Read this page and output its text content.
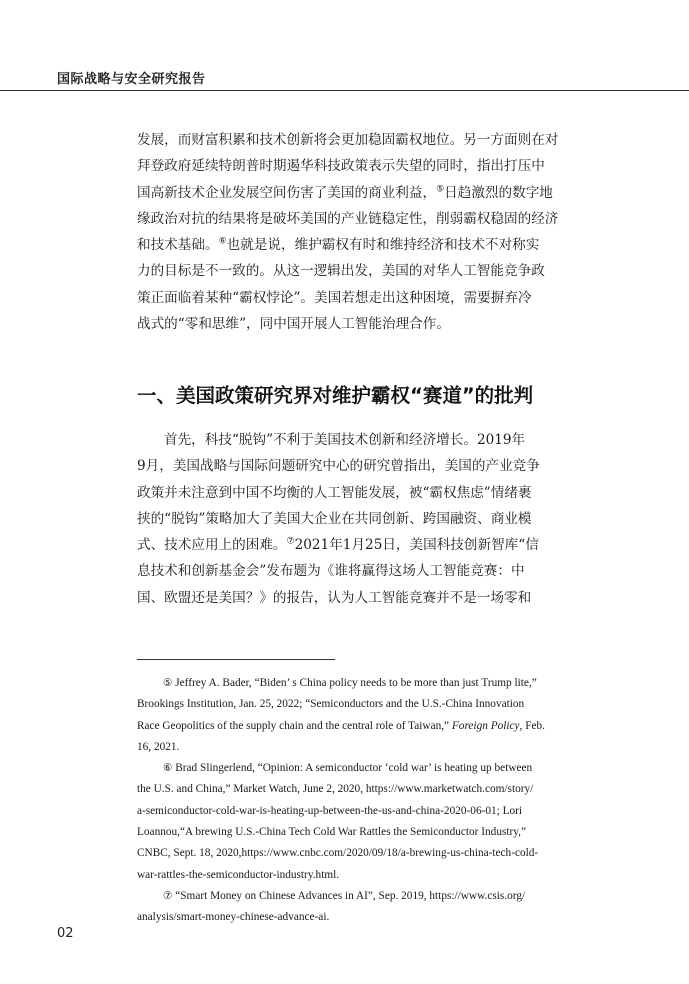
国际战略与安全研究报告
发展，而财富积累和技术创新将会更加稳固霸权地位。另一方面则在对
拜登政府延续特朗普时期遏华科技政策表示失望的同时，指出打压中
国高新技术企业发展空间伤害了美国的商业利益，⑤日趋激烈的数字地
缘政治对抗的结果将是破坏美国的产业链稳定性，削弱霸权稳固的经济
和技术基础。⑥也就是说，维护霸权有时和维持经济和技术不对称实
力的目标是不一致的。从这一逻辑出发，美国的对华人工智能竞争政
策正面临着某种“霸权悖论”。美国若想走出这种困境，需要摒弃冷
战式的“零和思维”，同中国开展人工智能治理合作。
一、美国政策研究界对维护霸权“赛道”的批判
首先，科技“脱钩”不利于美国技术创新和经济增长。2019年
9月，美国战略与国际问题研究中心的研究曾指出，美国的产业竞争
政策并未注意到中国不均衡的人工智能发展，被“霸权焦虑”情绪裹
挟的“脱钩”策略加大了美国大企业在共同创新、跨国融资、商业模
式、技术应用上的困难。⑦2021年1月25日，美国科技创新智库“信
息技术和创新基金会”发布题为《谁将赢得这场人工智能竞赛：中
国、欧盟还是美国？》的报告，认为人工智能竞赛并不是一场零和
⑤ Jeffrey A. Bader, “Biden’ s China policy needs to be more than just Trump lite,”
Brookings Institution, Jan. 25, 2022; “Semiconductors and the U.S.-China Innovation
Race Geopolitics of the supply chain and the central role of Taiwan,” Foreign Policy, Feb.
16, 2021.
⑥ Brad Slingerlend, “Opinion: A semiconductor ‘cold war’ is heating up between
the U.S. and China,” Market Watch, June 2, 2020, https://www.marketwatch.com/story/
a-semiconductor-cold-war-is-heating-up-between-the-us-and-china-2020-06-01; Lori
Loannou,“A brewing U.S.-China Tech Cold War Rattles the Semiconductor Industry,”
CNBC, Sept. 18, 2020,https://www.cnbc.com/2020/09/18/a-brewing-us-china-tech-cold-
war-rattles-the-semiconductor-industry.html.
⑦ “Smart Money on Chinese Advances in AI”, Sep. 2019, https://www.csis.org/
analysis/smart-money-chinese-advance-ai.
02
